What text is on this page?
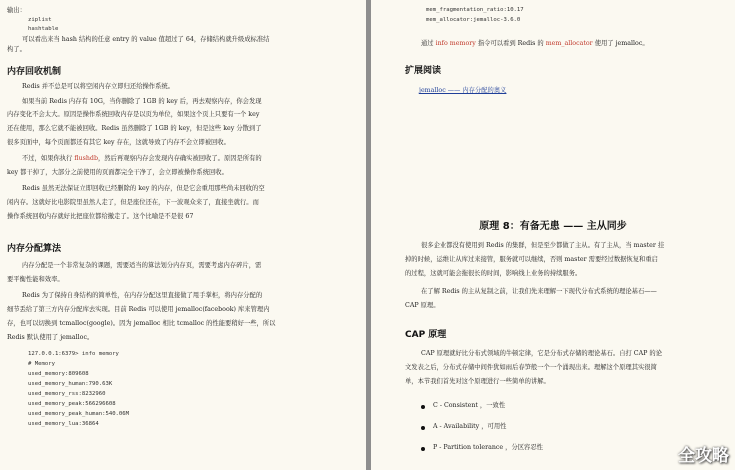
输出：
ziplist
hashtable
可以看出来当 hash 结构的任意 entry 的 value 值超过了 64，存储结构就升级成标准结
构了。
内存回收机制
Redis 并不总是可以将空闲内存立即归还给操作系统。
如果当前 Redis 内存有 10G，当你删除了 1GB 的 key 后，再去观察内存，你会发现
内存变化不会太大。原因是操作系统回收内存是以页为单位，如果这个页上只要有一个 key
还在使用，那么它就不能被回收。Redis 虽然删除了 1GB 的 key，但是这些 key 分散到了
很多页面中，每个页面都还有其它 key 存在，这就导致了内存不会立即被回收。
不过，如果你执行 flushdb，然后再观察内存会发现内存确实被回收了。原因是所有的
key 都干掉了，大部分之前使用的页面都完全干净了，会立即被操作系统回收。
Redis 虽然无法保证立即回收已经删除的 key 的内存，但是它会重用那些尚未回收的空
闲内存。这就好比电影院里虽然人走了，但是座位还在，下一波观众来了，直接坐就行。而
操作系统回收内存就好比把座位都给撤走了。这个比喻是不是很 67
内存分配算法
内存分配是一个非常复杂的课题，需要适当的算法划分内存页，需要考虑内存碎片，需
要平衡性能和效率。
Redis 为了保持自身结构的简单性，在内存分配这里直接做了甩手掌柜，将内存分配的
细节丢给了第三方内存分配库去实现。目前 Redis 可以使用 jemalloc(facebook) 库来管理内
存，也可以切换到 tcmalloc(google)。因为 jemalloc 相比 tcmalloc 的性能要稍好一些，所以
Redis 默认使用了 jemalloc。
127.0.0.1:6379> info memory
# Memory
used_memory:809608
used_memory_human:790.63K
used_memory_rss:8232960
used_memory_peak:566296608
used_memory_peak_human:540.06M
used_memory_lua:36864
mem_fragmentation_ratio:10.17
mem_allocator:jemalloc-3.6.0
通过 info memory 指令可以看到 Redis 的 mem_allocator 使用了 jemalloc。
扩展阅读
jemalloc —— 内存分配的奥义
原理 8：有备无患 —— 主从同步
很多企业都没有使用到 Redis 的集群，但是至少都做了主从。有了主从，当 master 挂
掉的时候，运维让从库过来接管，服务就可以继续，否则 master 需要经过数据恢复和重启
的过程，这就可能会拖很长的时间，影响线上业务的持续服务。
在了解 Redis 的主从复制之前，让我们先来理解一下现代分布式系统的理论基石——
CAP 原理。
CAP 原理
CAP 原理就好比分布式领域的牛顿定律，它是分布式存储的理论基石。自打 CAP 的论
文发表之后，分布式存储中间件犹如雨后春笋般一个一个涌现出来。理解这个原理其实很简
单，本节我们首先对这个原理进行一些简单的讲解。
C - Consistent ，一致性
A - Availability ，可用性
P - Partition tolerance ，分区容忍性	全攻略
